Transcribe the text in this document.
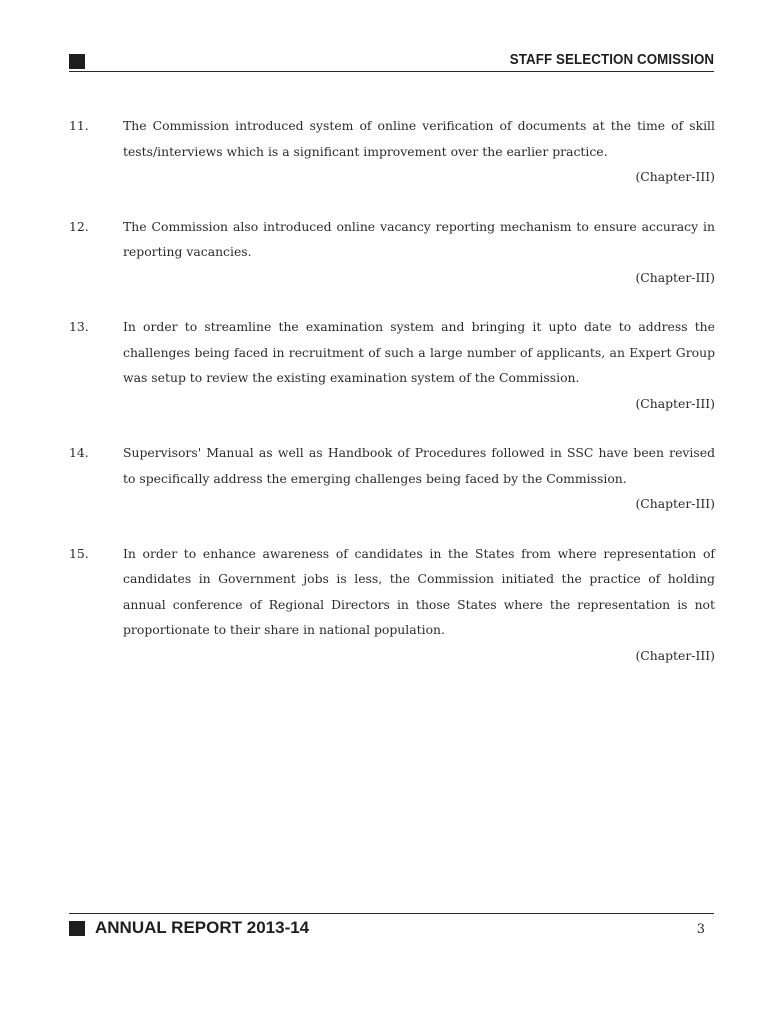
STAFF SELECTION COMISSION
11.	The Commission introduced system of online verification of documents at the time of skill tests/interviews which is a significant improvement over the earlier practice.
(Chapter-III)
12.	The Commission also introduced online vacancy reporting mechanism to ensure accuracy in reporting vacancies.
(Chapter-III)
13.	In order to streamline the examination system and bringing it upto date to address the challenges being faced in recruitment of such a large number of applicants, an Expert Group was setup to review the existing examination system of the Commission.
(Chapter-III)
14.	Supervisors' Manual as well as Handbook of Procedures followed in SSC have been revised to specifically address the emerging challenges being faced by the Commission.
(Chapter-III)
15.	In order to enhance awareness of candidates in the States from where representation of candidates in Government jobs is less, the Commission initiated the practice of holding annual conference of Regional Directors in those States where the representation is not proportionate to their share in national population.
(Chapter-III)
ANNUAL REPORT 2013-14	3
